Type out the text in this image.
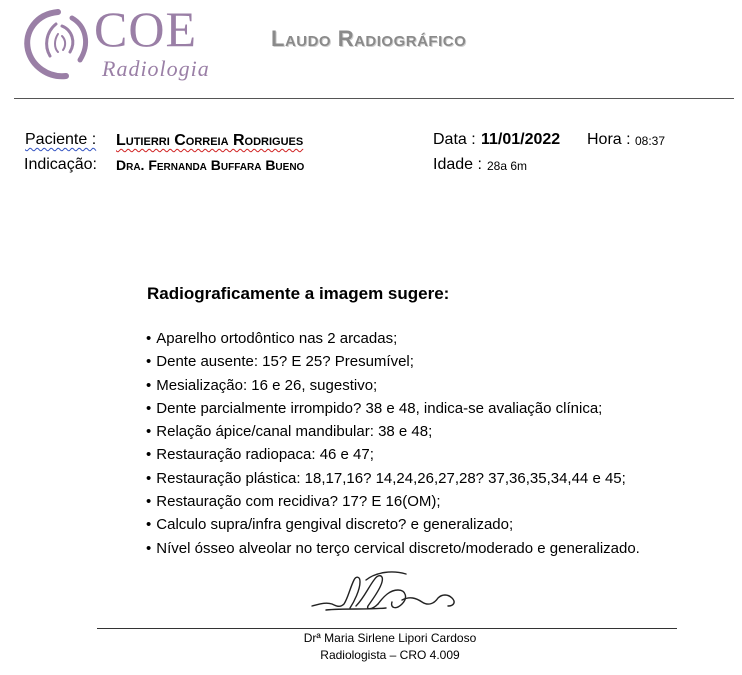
COE
Radiologia
Laudo Radiográfico
Paciente : Lutierri Correia Rodrigues
Indicação: Dra. Fernanda Buffara Bueno
Data : 11/01/2022 Hora : 08:37
Idade : 28a 6m
Radiograficamente a imagem sugere:
• Aparelho ortodôntico nas 2 arcadas;
• Dente ausente: 15? E 25? Presumível;
• Mesialização: 16 e 26, sugestivo;
• Dente parcialmente irrompido? 38 e 48, indica-se avaliação clínica;
• Relação ápice/canal mandibular: 38 e 48;
• Restauração radiopaca: 46 e 47;
• Restauração plástica: 18,17,16? 14,24,26,27,28? 37,36,35,34,44 e 45;
• Restauração com recidiva? 17? E 16(OM);
• Calculo supra/infra gengival discreto? e generalizado;
• Nível ósseo alveolar no terço cervical discreto/moderado e generalizado.
Drª Maria Sirlene Lipori Cardoso
Radiologista – CRO 4.009
